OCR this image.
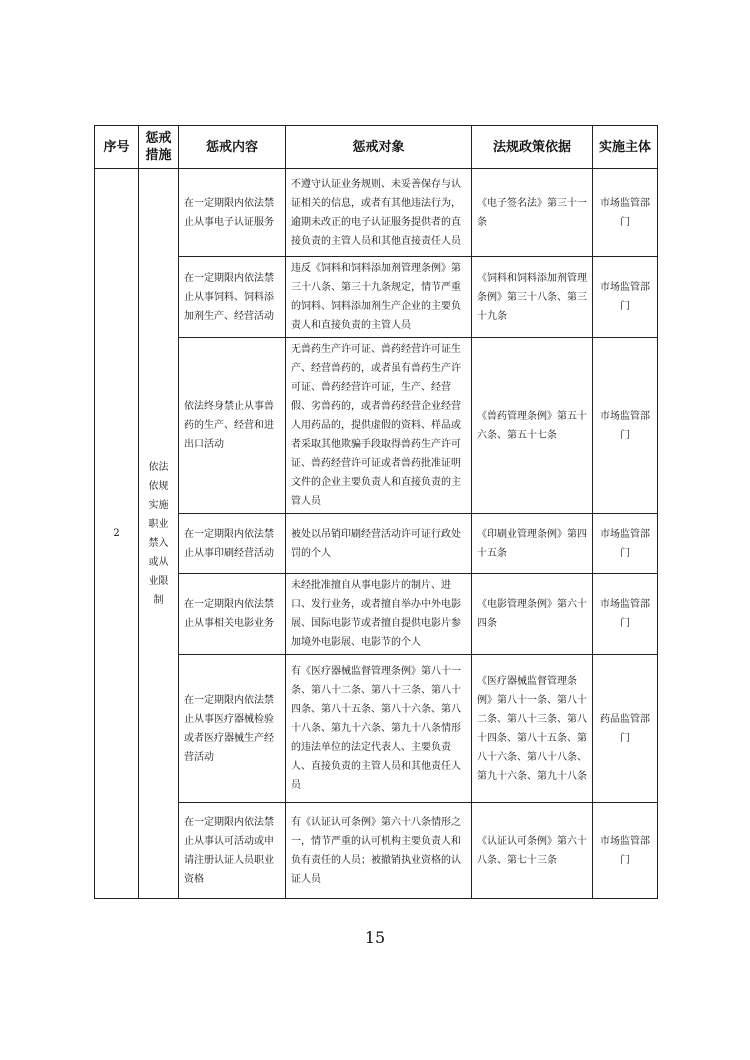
序号	惩戒措施	惩戒内容	惩戒对象	法规政策依据	实施主体
2	依法依规实施职业禁入或从业限制	在一定期限内依法禁止从事电子认证服务	不遵守认证业务规则、未妥善保存与认证相关的信息，或者有其他违法行为，逾期未改正的电子认证服务提供者的直接负责的主管人员和其他直接责任人员	《电子签名法》第三十一条	市场监管部门
		在一定期限内依法禁止从事饲料、饲料添加剂生产、经营活动	违反《饲料和饲料添加剂管理条例》第三十八条、第三十九条规定，情节严重的饲料、饲料添加剂生产企业的主要负责人和直接负责的主管人员	《饲料和饲料添加剂管理条例》第三十八条、第三十九条	市场监管部门
		依法终身禁止从事兽药的生产、经营和进出口活动	无兽药生产许可证、兽药经营许可证生产、经营兽药的，或者虽有兽药生产许可证、兽药经营许可证，生产、经营假、劣兽药的，或者兽药经营企业经营人用药品的，提供虚假的资料、样品或者采取其他欺骗手段取得兽药生产许可证、兽药经营许可证或者兽药批准证明文件的企业主要负责人和直接负责的主管人员	《兽药管理条例》第五十六条、第五十七条	市场监管部门
		在一定期限内依法禁止从事印刷经营活动	被处以吊销印刷经营活动许可证行政处罚的个人	《印刷业管理条例》第四十五条	市场监管部门
		在一定期限内依法禁止从事相关电影业务	未经批准擅自从事电影片的制片、进口、发行业务，或者擅自举办中外电影展、国际电影节或者擅自提供电影片参加境外电影展、电影节的个人	《电影管理条例》第六十四条	市场监管部门
		在一定期限内依法禁止从事医疗器械检验或者医疗器械生产经营活动	有《医疗器械监督管理条例》第八十一条、第八十二条、第八十三条、第八十四条、第八十五条、第八十六条、第八十八条、第九十六条、第九十八条情形的违法单位的法定代表人、主要负责人、直接负责的主管人员和其他责任人员	《医疗器械监督管理条例》第八十一条、第八十二条、第八十三条、第八十四条、第八十五条、第八十六条、第八十八条、第九十六条、第九十八条	药品监管部门
		在一定期限内依法禁止从事认可活动或申请注册认证人员职业资格	有《认证认可条例》第六十八条情形之一，情节严重的认可机构主要负责人和负有责任的人员；被撤销执业资格的认证人员	《认证认可条例》第六十八条、第七十三条	市场监管部门
15
